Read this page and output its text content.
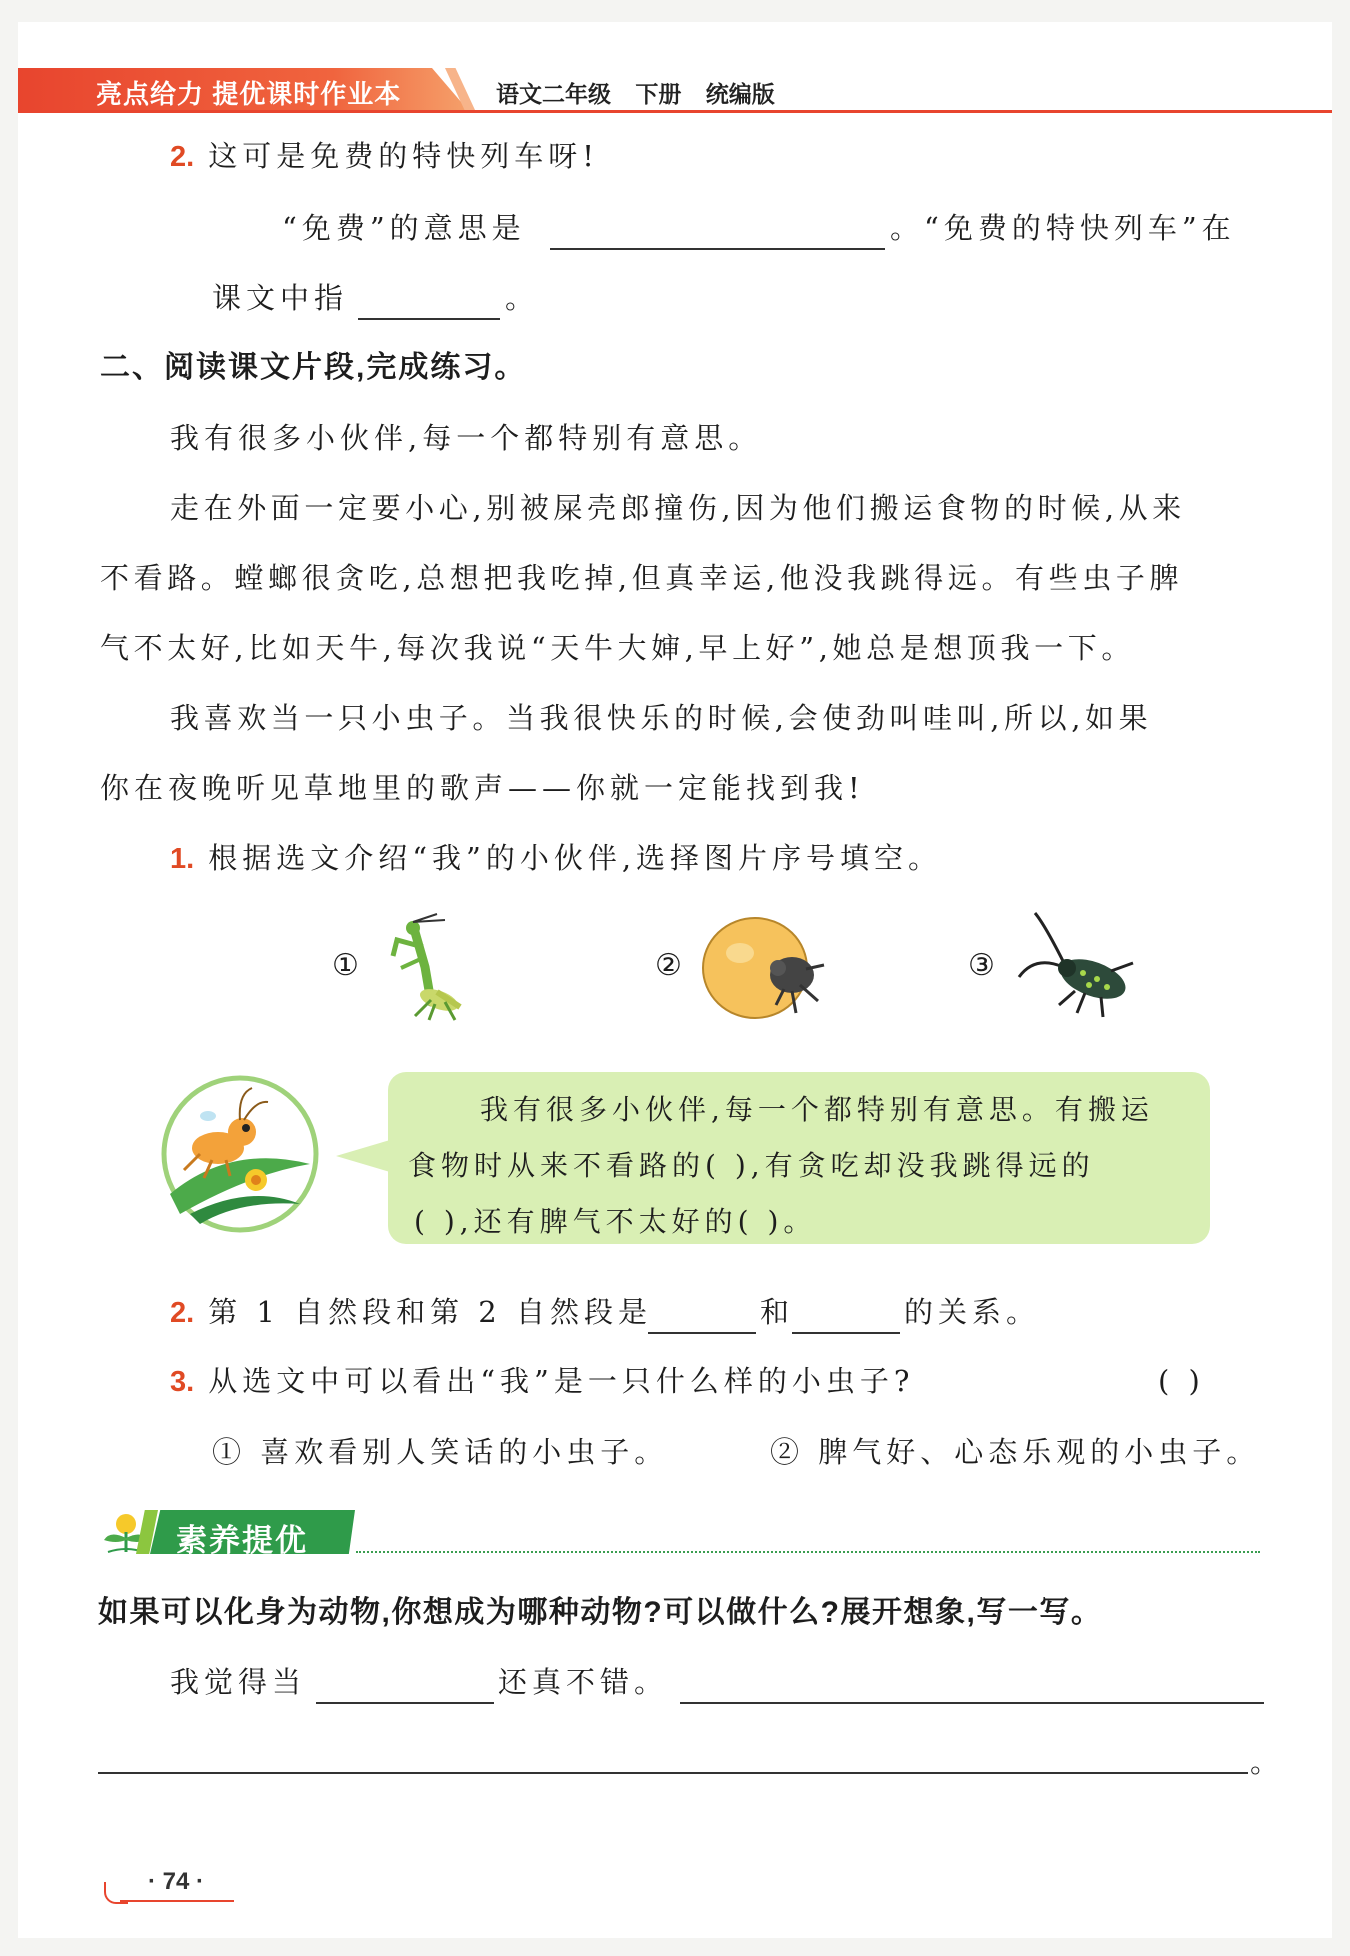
亮点给力 提优课时作业本	语文二年级 下册 统编版
2. 这可是免费的特快列车呀!
“免费”的意思是	。“免费的特快列车”在
课文中指	。
二、阅读课文片段,完成练习。
我有很多小伙伴,每一个都特别有意思。
走在外面一定要小心,别被屎壳郎撞伤,因为他们搬运食物的时候,从来
不看路。螳螂很贪吃,总想把我吃掉,但真幸运,他没我跳得远。有些虫子脾
气不太好,比如天牛,每次我说“天牛大婶,早上好”,她总是想顶我一下。
我喜欢当一只小虫子。当我很快乐的时候,会使劲叫哇叫,所以,如果
你在夜晚听见草地里的歌声——你就一定能找到我!
1. 根据选文介绍“我”的小伙伴,选择图片序号填空。
①	②	③
我有很多小伙伴,每一个都特别有意思。有搬运
食物时从来不看路的( ),有贪吃却没我跳得远的
( ),还有脾气不太好的( )。
2. 第 1 自然段和第 2 自然段是	和	的关系。
3. 从选文中可以看出“我”是一只什么样的小虫子?	( )
① 喜欢看别人笑话的小虫子。	② 脾气好、心态乐观的小虫子。
素养提优
如果可以化身为动物,你想成为哪种动物?可以做什么?展开想象,写一写。
我觉得当	还真不错。
。
· 74 ·
